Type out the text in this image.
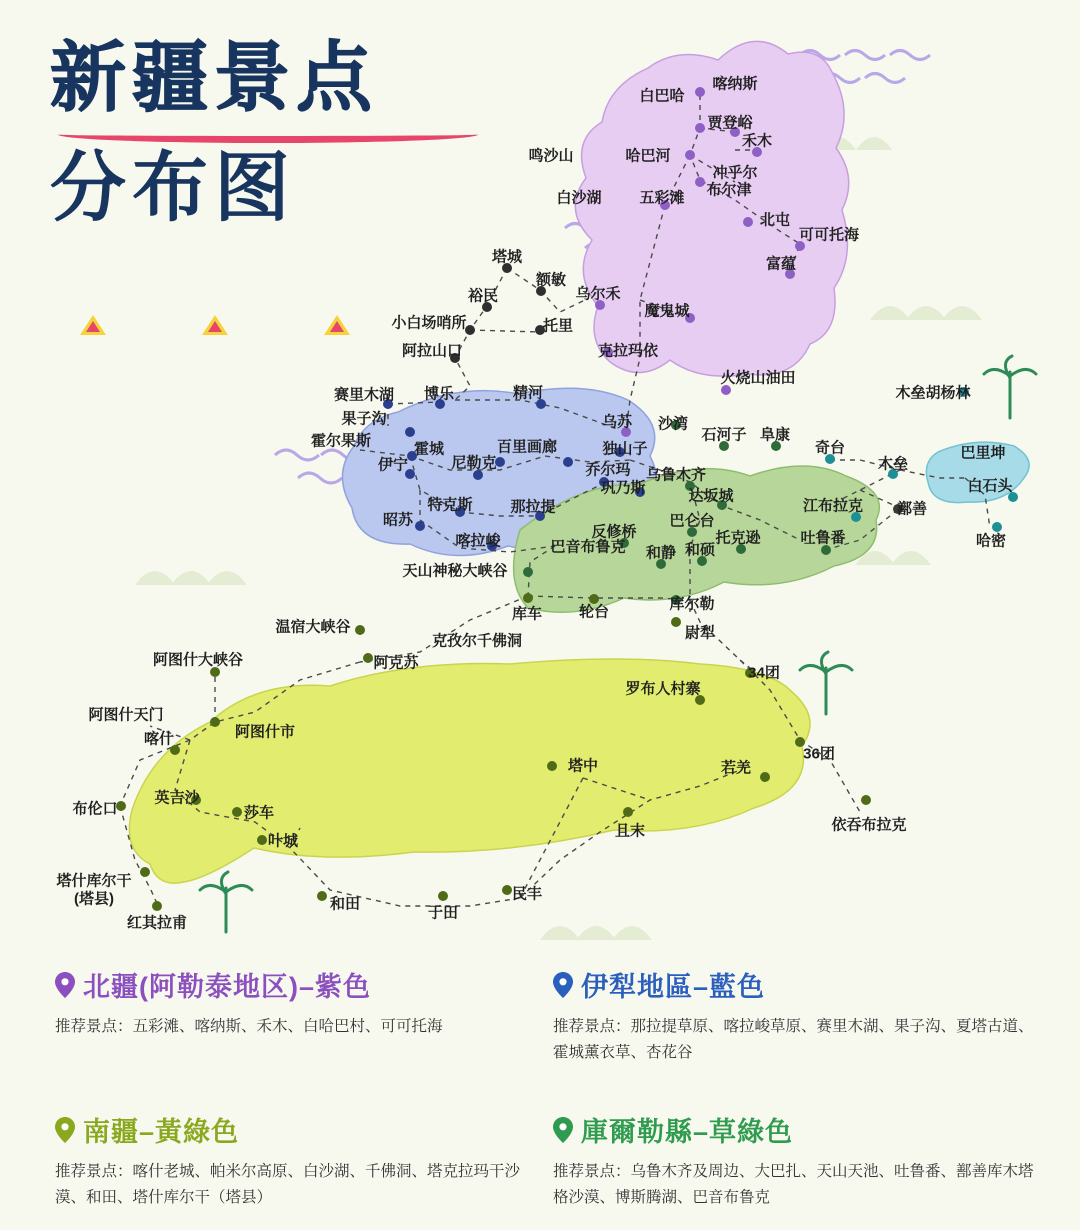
新疆景点
分布图
喀纳斯
白巴哈
贾登峪
禾木
鸣沙山	哈巴河
冲乎尔
白沙湖	五彩滩 布尔津
北屯
可可托海
富蕴
塔城
额敏
裕民	乌尔禾
魔鬼城
小白场哨所	托里
阿拉山口	克拉玛依
赛里木湖 博乐	精河
火烧山油田
木垒胡杨林
果子沟	乌苏 沙湾
石河子 阜康
巴里坤
霍尔果斯	霍城	百里画廊	独山子	奇台
伊宁	尼勒克	木垒
乌鲁木齐
乔尔玛
巩乃斯	白石头
特克斯	那拉提
达坂城
江布拉克 鄯善
昭苏	巴仑台
托克逊	吐鲁番	哈密
喀拉峻
反修桥
巴音布鲁克 和静 和硕
天山神秘大峡谷
库尔勒
温宿大峡谷
库车 轮台
尉犁
克孜尔千佛洞
阿图什大峡谷	阿克苏
34团
罗布人村寨
阿图什天门
阿图什市
喀什
36团
若羌
塔中
英吉沙
布伦口	莎车
且末	依吞布拉克
叶城
塔什库尔干
(塔县)	民丰
和田
于田
红其拉甫
北疆(阿勒泰地区)–紫色
推荐景点：五彩滩、喀纳斯、禾木、白哈巴村、可可托海
伊犁地區–藍色
推荐景点：那拉提草原、喀拉峻草原、赛里木湖、果子沟、夏塔古道、霍城薰衣草、杏花谷
南疆–黃綠色
推荐景点：喀什老城、帕米尔高原、白沙湖、千佛洞、塔克拉玛干沙漠、和田、塔什库尔干（塔县）
庫爾勒縣–草綠色
推荐景点：乌鲁木齐及周边、大巴扎、天山天池、吐鲁番、鄯善库木塔格沙漠、博斯腾湖、巴音布鲁克
